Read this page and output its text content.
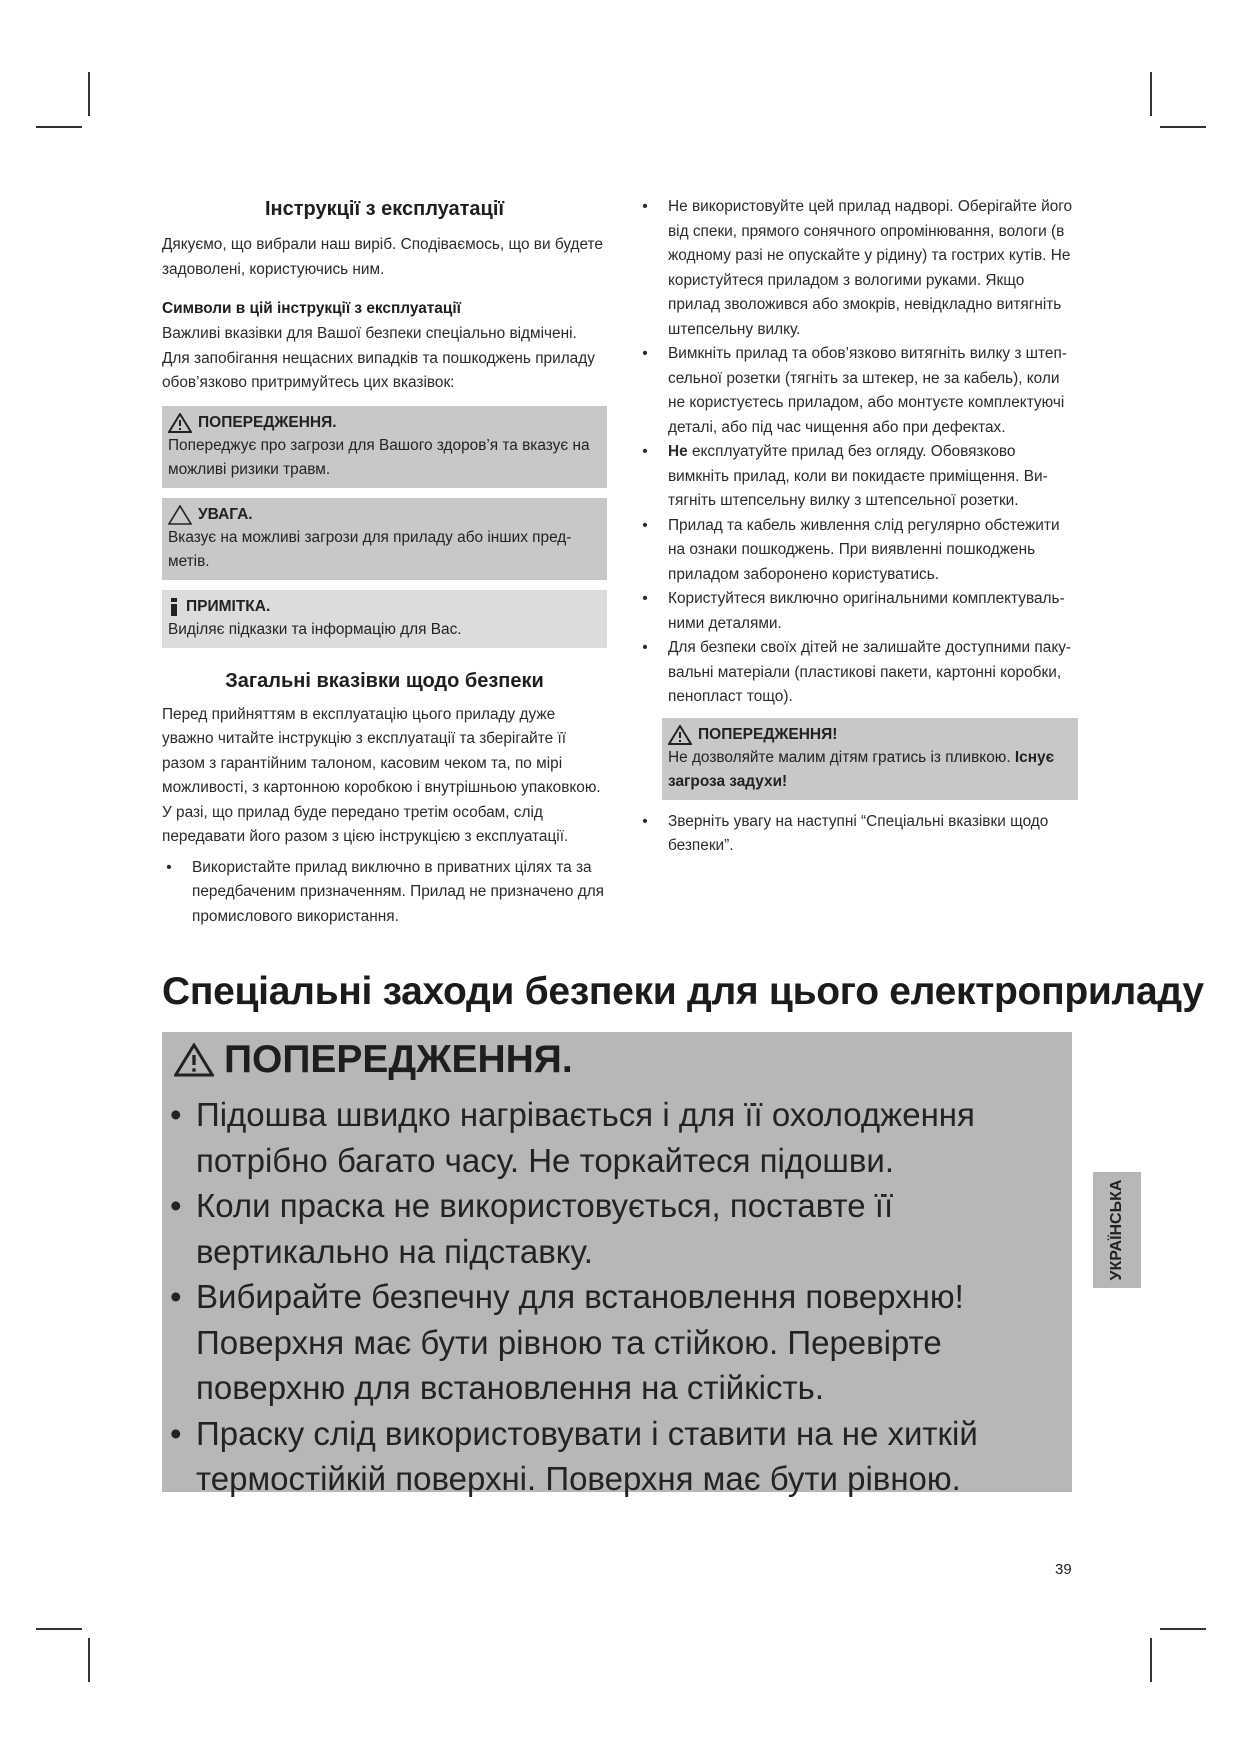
Інструкції з експлуатації

Дякуємо, що вибрали наш виріб. Сподіваємось, що ви будете задоволені, користуючись ним.

Символи в цій інструкції з експлуатації

Важливі вказівки для Вашої безпеки спеціально відмічені. Для запобігання нещасних випадків та пошкоджень приладу обов’язково притримуйтесь цих вказівок:

ПОПЕРЕДЖЕННЯ.
Попереджує про загрози для Вашого здоров’я та вказує на можливі ризики травм.
УВАГА.
Вказує на можливі загрози для приладу або інших предметів.
ПРИМІТКА.
Виділяє підказки та інформацію для Вас.
Загальні вказівки щодо безпеки

Перед прийняттям в експлуатацію цього приладу дуже уважно читайте інструкцію з експлуатації та зберігайте її разом з гарантійним талоном, касовим чеком та, по мірі можливості, з картонною коробкою і внутрішньою упаковкою. У разі, що прилад буде передано третім особам, слід передавати його разом з цією інструкцією з експлуатації.

• Використайте прилад виключно в приватних цілях та за передбаченим призначенням. Прилад не призначено для промислового використання.
• Не використовуйте цей прилад надворі. Оберігайте його від спеки, прямого сонячного опромінювання, вологи (в жодному разі не опускайте у рідину) та гострих кутів. Не користуйтеся приладом з вологими руками. Якщо прилад зволожився або змокрів, невідкладно витягніть штепсельну вилку.
• Вимкніть прилад та обов’язково витягніть вилку з штепсельної розетки (тягніть за штекер, не за кабель), коли не користуєтесь приладом, або монтуєте комплектуючі деталі, або під час чищення або при дефектах.
• Не експлуатуйте прилад без огляду. Обовязково вимкніть прилад, коли ви покидаєте приміщення. Витягніть штепсельну вилку з штепсельної розетки.
• Прилад та кабель живлення слід регулярно обстежити на ознаки пошкоджень. При виявленні пошкоджень приладом заборонено користуватись.
• Користуйтеся виключно оригінальними комплектувальними деталями.
• Для безпеки своїх дітей не залишайте доступними пакувальні матеріали (пластикові пакети, картонні коробки, пенопласт тощо).
ПОПЕРЕДЖЕННЯ!
Не дозволяйте малим дітям гратись із пливкою. Існує загроза задухи!
• Зверніть увагу на наступні “Спеціальні вказівки щодо безпеки”.
Спеціальні заходи безпеки для цього електроприладу
ПОПЕРЕДЖЕННЯ.
• Підошва швидко нагрівається і для її охолодження потрібно багато часу. Не торкайтеся підошви.
• Коли праска не використовується, поставте її вертикально на підставку.
• Вибирайте безпечну для встановлення поверхню! Поверхня має бути рівною та стійкою. Перевірте поверхню для встановлення на стійкість.
• Праску слід використовувати і ставити на не хиткій термостійкій поверхні. Поверхня має бути рівною.
УКРАЇНСЬКА
39
